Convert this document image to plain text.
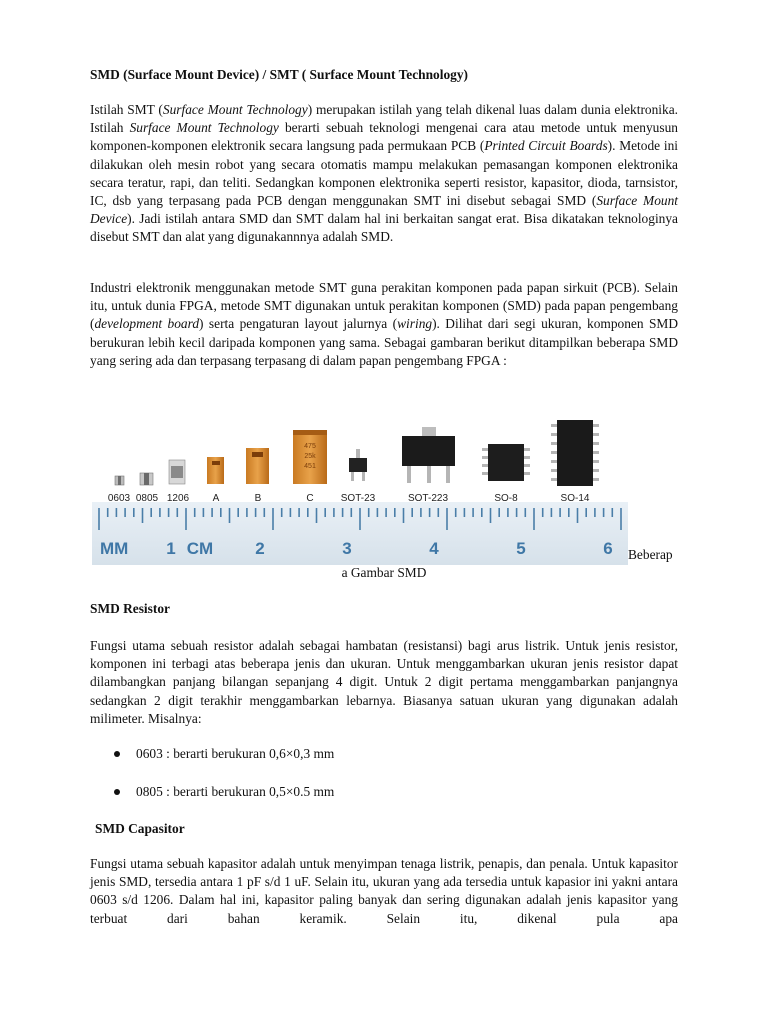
SMD (Surface Mount Device) / SMT ( Surface Mount Technology)
Istilah SMT (Surface Mount Technology) merupakan istilah yang telah dikenal luas dalam dunia elektronika. Istilah Surface Mount Technology berarti sebuah teknologi mengenai cara atau metode untuk menyusun komponen-komponen elektronik secara langsung pada permukaan PCB (Printed Circuit Boards). Metode ini dilakukan oleh mesin robot yang secara otomatis mampu melakukan pemasangan komponen elektronika secara teratur, rapi, dan teliti. Sedangkan komponen elektronika seperti resistor, kapasitor, dioda, tarnsistor, IC, dsb yang terpasang pada PCB dengan menggunakan SMT ini disebut sebagai SMD (Surface Mount Device). Jadi istilah antara SMD dan SMT dalam hal ini berkaitan sangat erat. Bisa dikatakan teknologinya disebut SMT dan alat yang digunakannnya adalah SMD.
Industri elektronik menggunakan metode SMT guna perakitan komponen pada papan sirkuit (PCB). Selain itu, untuk dunia FPGA, metode SMT digunakan untuk perakitan komponen (SMD) pada papan pengembang (development board) serta pengaturan layout jalurnya (wiring). Dilihat dari segi ukuran, komponen SMD berukuran lebih kecil daripada komponen yang sama. Sebagai gambaran berikut ditampilkan beberapa SMD yang sering ada dan terpasang terpasang di dalam papan pengembang FPGA :
MM 1 CM 2	3	4	5	6
475
25k
451
0603 0805 1206 A	B	C	SOT-23	SOT-223	SO-8	SO-14
Beberap
a Gambar SMD
SMD Resistor
Fungsi utama sebuah resistor adalah sebagai hambatan (resistansi) bagi arus listrik. Untuk jenis resistor, komponen ini terbagi atas beberapa jenis dan ukuran. Untuk menggambarkan ukuran jenis resistor dapat dilambangkan panjang bilangan sepanjang 4 digit. Untuk 2 digit pertama menggambarkan panjangnya sedangkan 2 digit terakhir menggambarkan lebarnya. Biasanya satuan ukuran yang digunakan adalah milimeter. Misalnya:
0603 : berarti berukuran 0,6×0,3 mm
0805 : berarti berukuran 0,5×0.5 mm
SMD Capasitor
Fungsi utama sebuah kapasitor adalah untuk menyimpan tenaga listrik, penapis, dan penala. Untuk kapasitor jenis SMD, tersedia antara 1 pF s/d 1 uF. Selain itu, ukuran yang ada tersedia untuk kapasior ini yakni antara 0603 s/d 1206. Dalam hal ini, kapasitor paling banyak dan sering digunakan adalah jenis kapasitor yang terbuat dari bahan keramik. Selain itu, dikenal pula apa
